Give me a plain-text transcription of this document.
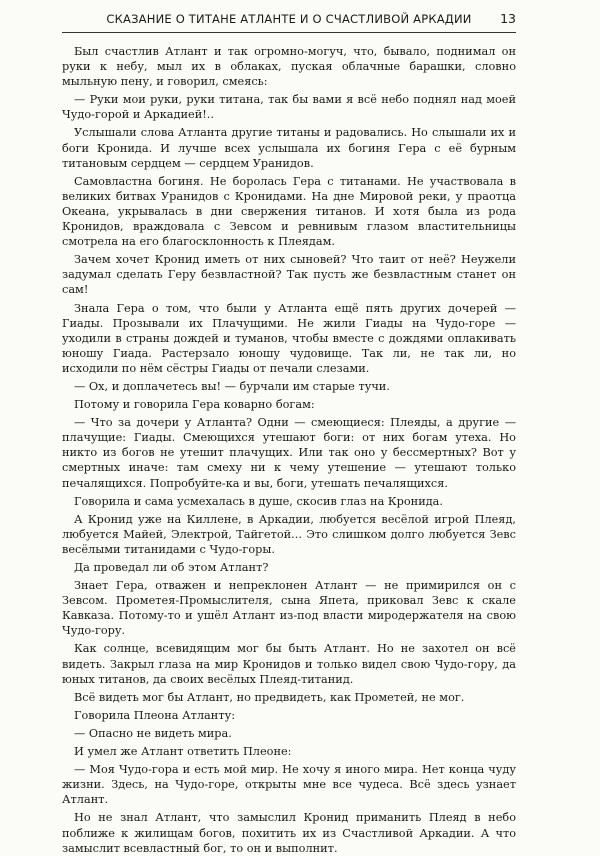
СКАЗАНИЕ О ТИТАНЕ АТЛАНТЕ И О СЧАСТЛИВОЙ АРКАДИИ	13

Был счастлив Атлант и так огромно-могуч, что, бывало, поднимал он руки к небу, мыл их в облаках, пуская облачные барашки, словно мыльную пену, и говорил, смеясь:

— Руки мои руки, руки титана, так бы вами я всё небо поднял над моей Чудо-горой и Аркадией!..

Услышали слова Атланта другие титаны и радовались. Но слышали их и боги Кронида. И лучше всех услышала их богиня Гера с её бурным титановым сердцем — сердцем Уранидов.

Самовластна богиня. Не боролась Гера с титанами. Не участвовала в великих битвах Уранидов с Кронидами. На дне Мировой реки, у праотца Океана, укрывалась в дни свержения титанов. И хотя была из рода Кронидов, враждовала с Зевсом и ревнивым глазом властительницы смотрела на его благосклонность к Плеядам.

Зачем хочет Кронид иметь от них сыновей? Что таит от неё? Неужели задумал сделать Геру безвластной? Так пусть же безвластным станет он сам!

Знала Гера о том, что были у Атланта ещё пять других дочерей — Гиады. Прозывали их Плачущими. Не жили Гиады на Чудо-горе — уходили в страны дождей и туманов, чтобы вместе с дождями оплакивать юношу Гиада. Растерзало юношу чудовище. Так ли, не так ли, но исходили по нём сёстры Гиады от печали слезами.

— Ох, и доплачетесь вы! — бурчали им старые тучи.

Потому и говорила Гера коварно богам:

— Что за дочери у Атланта? Одни — смеющиеся: Плеяды, а другие — плачущие: Гиады. Смеющихся утешают боги: от них богам утеха. Но никто из богов не утешит плачущих. Или так оно у бессмертных? Вот у смертных иначе: там смеху ни к чему утешение — утешают только печалящихся. Попробуйте-ка и вы, боги, утешать печалящихся.

Говорила и сама усмехалась в душе, скосив глаз на Кронида.

А Кронид уже на Киллене, в Аркадии, любуется весёлой игрой Плеяд, любуется Майей, Электрой, Тайгетой... Это слишком долго любуется Зевс весёлыми титанидами с Чудо-горы.

Да проведал ли об этом Атлант?

Знает Гера, отважен и непреклонен Атлант — не примирился он с Зевсом. Прометея-Промыслителя, сына Япета, приковал Зевс к скале Кавказа. Потому-то и ушёл Атлант из-под власти миродержателя на свою Чудо-гору.

Как солнце, всевидящим мог бы быть Атлант. Но не захотел он всё видеть. Закрыл глаза на мир Кронидов и только видел свою Чудо-гору, да юных титанов, да своих весёлых Плеяд-титанид.

Всё видеть мог бы Атлант, но предвидеть, как Прометей, не мог.

Говорила Плеона Атланту:

— Опасно не видеть мира.

И умел же Атлант ответить Плеоне:

— Моя Чудо-гора и есть мой мир. Не хочу я иного мира. Нет конца чуду жизни. Здесь, на Чудо-горе, открыты мне все чудеса. Всё здесь узнает Атлант.

Но не знал Атлант, что замыслил Кронид приманить Плеяд в небо поближе к жилищам богов, похитить их из Счастливой Аркадии. А что замыслит всевластный бог, то он и выполнит.
